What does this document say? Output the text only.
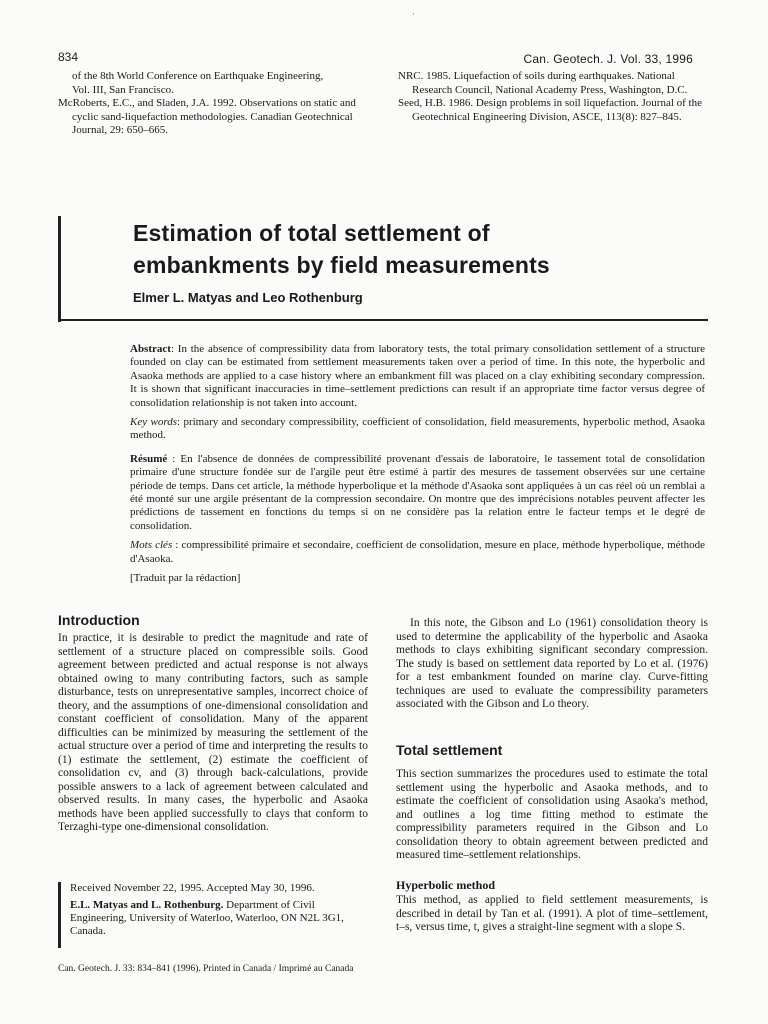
·
834	Can. Geotech. J. Vol. 33, 1996

of the 8th World Conference on Earthquake Engineering,

Vol. III, San Francisco.

McRoberts, E.C., and Sladen, J.A. 1992. Observations on static and cyclic sand-liquefaction methodologies. Canadian Geotechnical Journal, 29: 650–665.

NRC. 1985. Liquefaction of soils during earthquakes. National Research Council, National Academy Press, Washington, D.C.

Seed, H.B. 1986. Design problems in soil liquefaction. Journal of the Geotechnical Engineering Division, ASCE, 113(8): 827–845.

Estimation of total settlement of
embankments by field measurements
Elmer L. Matyas and Leo Rothenburg

Abstract: In the absence of compressibility data from laboratory tests, the total primary consolidation settlement of a structure founded on clay can be estimated from settlement measurements taken over a period of time. In this note, the hyperbolic and Asaoka methods are applied to a case history where an embankment fill was placed on a clay exhibiting secondary compression. It is shown that significant inaccuracies in time–settlement predictions can result if an appropriate time factor versus degree of consolidation relationship is not taken into account.

Key words: primary and secondary compressibility, coefficient of consolidation, field measurements, hyperbolic method, Asaoka method.

Résumé : En l'absence de données de compressibilité provenant d'essais de laboratoire, le tassement total de consolidation primaire d'une structure fondée sur de l'argile peut être estimé à partir des mesures de tassement observées sur une certaine période de temps. Dans cet article, la méthode hyperbolique et la méthode d'Asaoka sont appliquées à un cas réel où un remblai a été monté sur une argile présentant de la compression secondaire. On montre que des imprécisions notables peuvent affecter les prédictions de tassement en fonctions du temps si on ne considère pas la relation entre le facteur temps et le degré de consolidation.

Mots clés : compressibilité primaire et secondaire, coefficient de consolidation, mesure en place, méthode hyperbolique, méthode d'Asaoka.

[Traduit par la rédaction]

Introduction

In practice, it is desirable to predict the magnitude and rate of settlement of a structure placed on compressible soils. Good agreement between predicted and actual response is not always obtained owing to many contributing factors, such as sample disturbance, tests on unrepresentative samples, incorrect choice of theory, and the assumptions of one-dimensional consolidation and constant coefficient of consolidation. Many of the apparent difficulties can be minimized by measuring the settlement of the actual structure over a period of time and interpreting the results to (1) estimate the settlement, (2) estimate the coefficient of consolidation cv, and (3) through back-calculations, provide possible answers to a lack of agreement between calculated and observed results. In many cases, the hyperbolic and Asaoka methods have been applied successfully to clays that conform to Terzaghi-type one-dimensional consolidation.

Received November 22, 1995. Accepted May 30, 1996.

E.L. Matyas and L. Rothenburg. Department of Civil Engineering, University of Waterloo, Waterloo, ON N2L 3G1, Canada.

In this note, the Gibson and Lo (1961) consolidation theory is used to determine the applicability of the hyperbolic and Asaoka methods to clays exhibiting significant secondary compression. The study is based on settlement data reported by Lo et al. (1976) for a test embankment founded on marine clay. Curve-fitting techniques are used to evaluate the compressibility parameters associated with the Gibson and Lo theory.

Total settlement

This section summarizes the procedures used to estimate the total settlement using the hyperbolic and Asaoka methods, and to estimate the coefficient of consolidation using Asaoka's method, and outlines a log time fitting method to estimate the compressibility parameters required in the Gibson and Lo consolidation theory to obtain agreement between predicted and measured time–settlement relationships.

Hyperbolic method

This method, as applied to field settlement measurements, is described in detail by Tan et al. (1991). A plot of time–settlement, t–s, versus time, t, gives a straight-line segment with a slope S.

Can. Geotech. J. 33: 834–841 (1996). Printed in Canada / Imprimé au Canada
